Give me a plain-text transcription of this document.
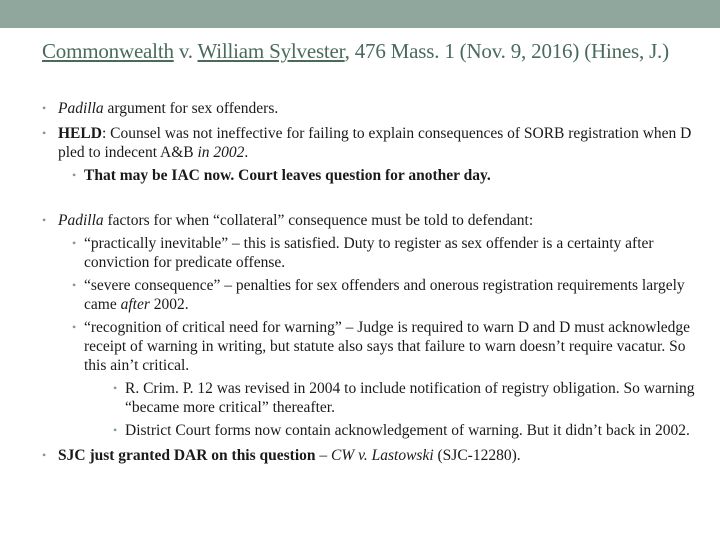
Commonwealth v. William Sylvester, 476 Mass. 1 (Nov. 9, 2016) (Hines, J.)
• Padilla argument for sex offenders.
• HELD: Counsel was not ineffective for failing to explain consequences of SORB registration when D pled to indecent A&B in 2002.
• That may be IAC now. Court leaves question for another day.
• Padilla factors for when “collateral” consequence must be told to defendant:
• “practically inevitable” – this is satisfied. Duty to register as sex offender is a certainty after conviction for predicate offense.
• “severe consequence” – penalties for sex offenders and onerous registration requirements largely came after 2002.
• “recognition of critical need for warning” – Judge is required to warn D and D must acknowledge receipt of warning in writing, but statute also says that failure to warn doesn’t require vacatur. So this ain’t critical.
• R. Crim. P. 12 was revised in 2004 to include notification of registry obligation. So warning “became more critical” thereafter.
• District Court forms now contain acknowledgement of warning. But it didn’t back in 2002.
• SJC just granted DAR on this question – CW v. Lastowski (SJC-12280).
